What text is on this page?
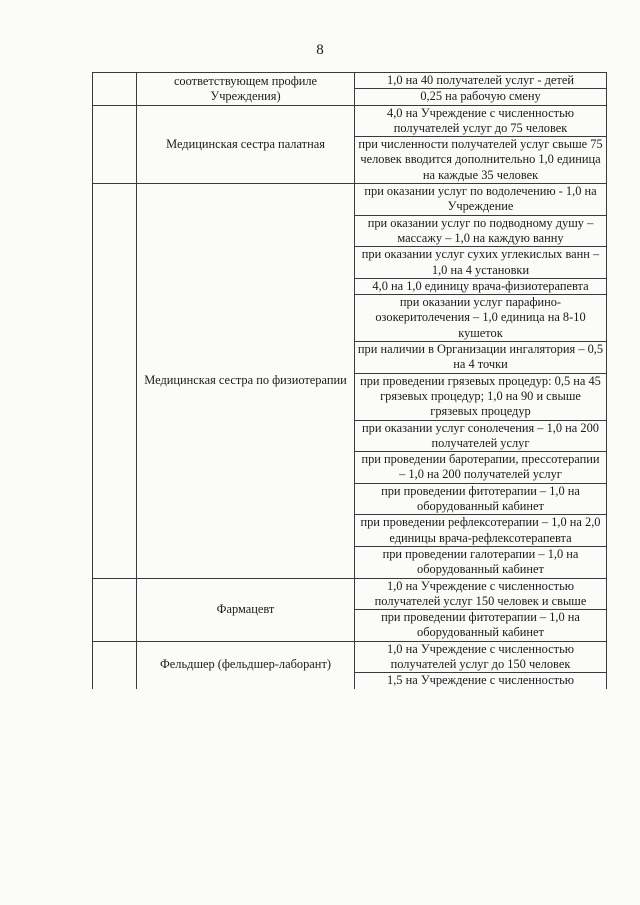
8
	соответствующем профиле Учреждения)	1,0 на 40 получателей услуг - детей
		0,25 на рабочую смену
	Медицинская сестра палатная	4,0 на Учреждение с численностью получателей услуг до 75 человек
		при численности получателей услуг свыше 75 человек вводится дополнительно 1,0 единица на каждые 35 человек
	Медицинская сестра по физиотерапии	при оказании услуг по водолечению - 1,0 на Учреждение
		при оказании услуг по подводному душу – массажу – 1,0 на каждую ванну
		при оказании услуг сухих углекислых ванн – 1,0 на 4 установки
		4,0 на 1,0 единицу врача-физиотерапевта
		при оказании услуг парафино-озокеритолечения – 1,0 единица на 8-10 кушеток
		при наличии в Организации ингалятория – 0,5 на 4 точки
		при проведении грязевых процедур: 0,5 на 45 грязевых процедур; 1,0 на 90 и свыше грязевых процедур
		при оказании услуг сонолечения – 1,0 на 200 получателей услуг
		при проведении баротерапии, прессотерапии – 1,0 на 200 получателей услуг
		при проведении фитотерапии – 1,0 на оборудованный кабинет
		при проведении рефлексотерапии – 1,0 на 2,0 единицы врача-рефлексотерапевта
		при проведении галотерапии – 1,0 на оборудованный кабинет
	Фармацевт	1,0 на Учреждение с численностью получателей услуг 150 человек и свыше
		при проведении фитотерапии – 1,0 на оборудованный кабинет
	Фельдшер (фельдшер-лаборант)	1,0 на Учреждение с численностью получателей услуг до 150 человек
		1,5 на Учреждение с численностью
